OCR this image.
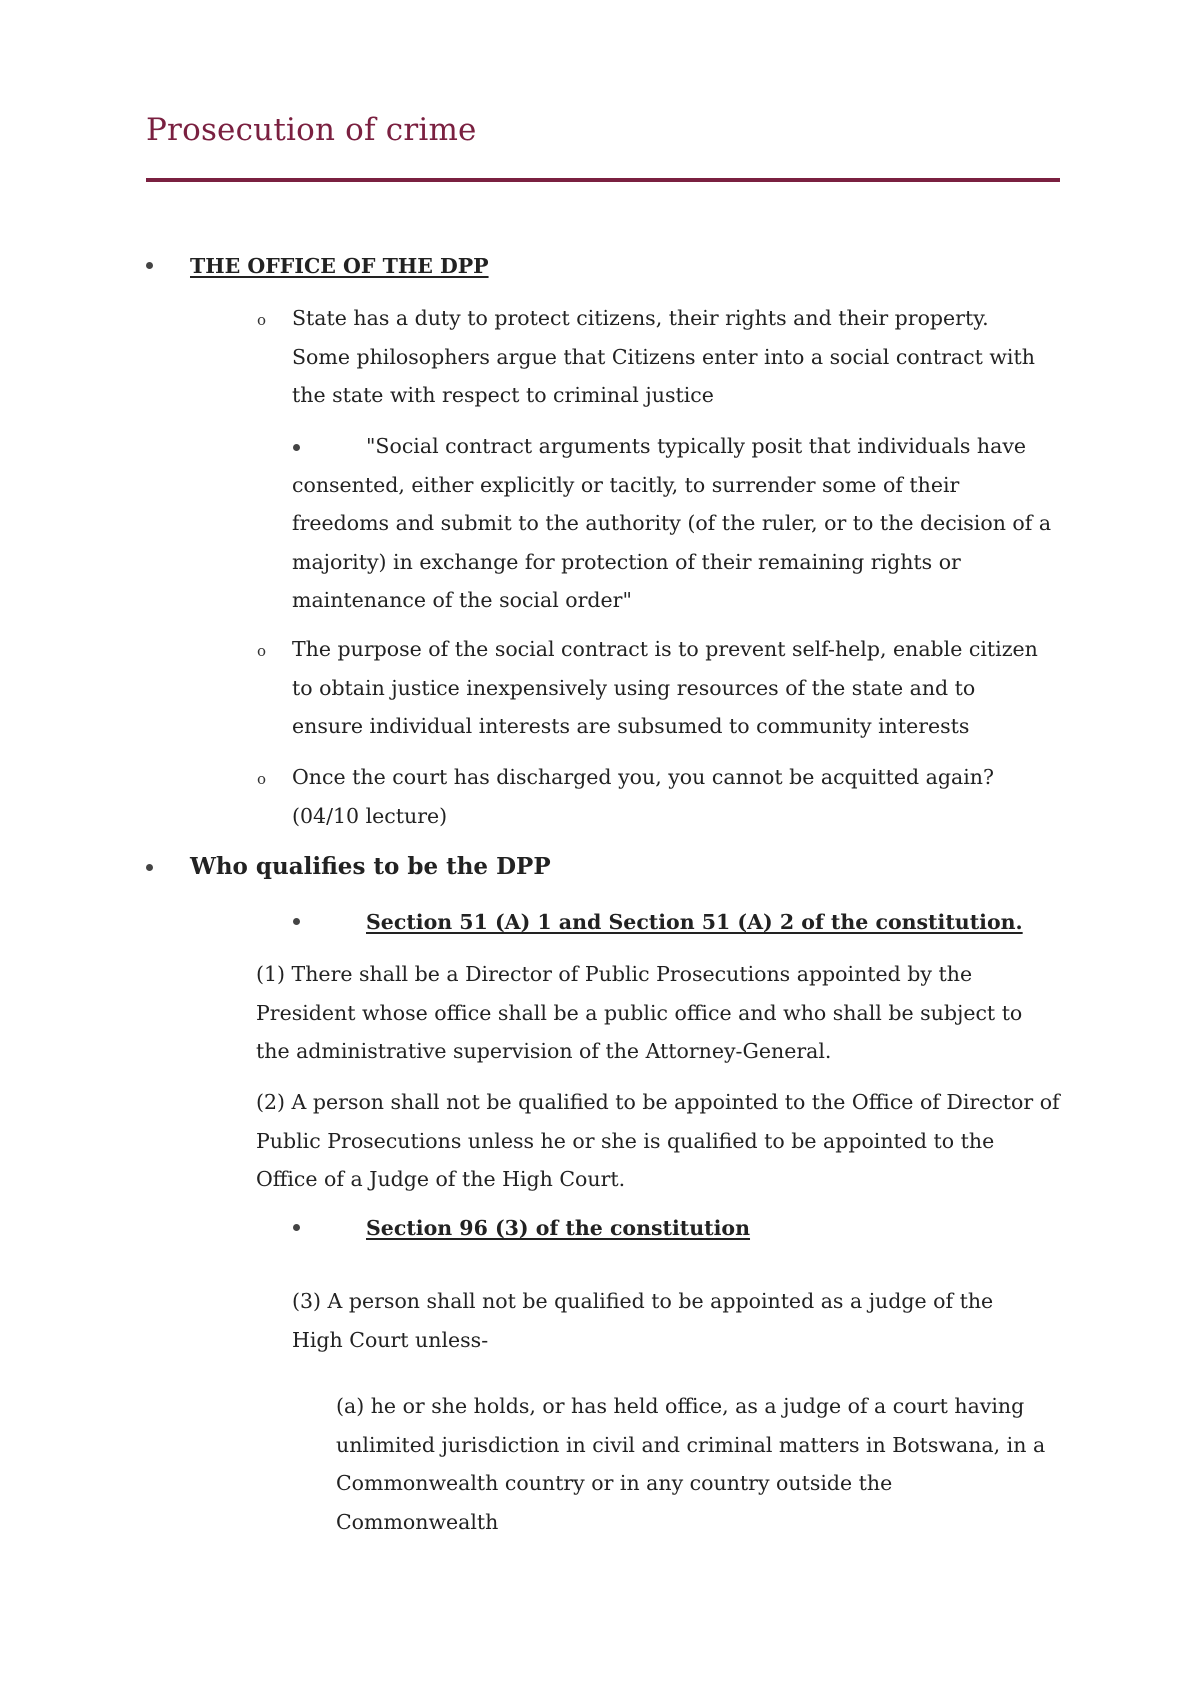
Prosecution of crime
THE OFFICE OF THE DPP
o State has a duty to protect citizens, their rights and their property. Some philosophers argue that Citizens enter into a social contract with the state with respect to criminal justice
"Social contract arguments typically posit that individuals have consented, either explicitly or tacitly, to surrender some of their freedoms and submit to the authority (of the ruler, or to the decision of a majority) in exchange for protection of their remaining rights or maintenance of the social order"
o The purpose of the social contract is to prevent self-help, enable citizen to obtain justice inexpensively using resources of the state and to ensure individual interests are subsumed to community interests
o Once the court has discharged you, you cannot be acquitted again? (04/10 lecture)
Who qualifies to be the DPP
Section 51 (A) 1 and Section 51 (A) 2 of the constitution.
(1) There shall be a Director of Public Prosecutions appointed by the President whose office shall be a public office and who shall be subject to the administrative supervision of the Attorney-General.
(2) A person shall not be qualified to be appointed to the Office of Director of Public Prosecutions unless he or she is qualified to be appointed to the Office of a Judge of the High Court.
Section 96 (3) of the constitution
(3) A person shall not be qualified to be appointed as a judge of the High Court unless-
(a) he or she holds, or has held office, as a judge of a court having unlimited jurisdiction in civil and criminal matters in Botswana, in a Commonwealth country or in any country outside the Commonwealth
